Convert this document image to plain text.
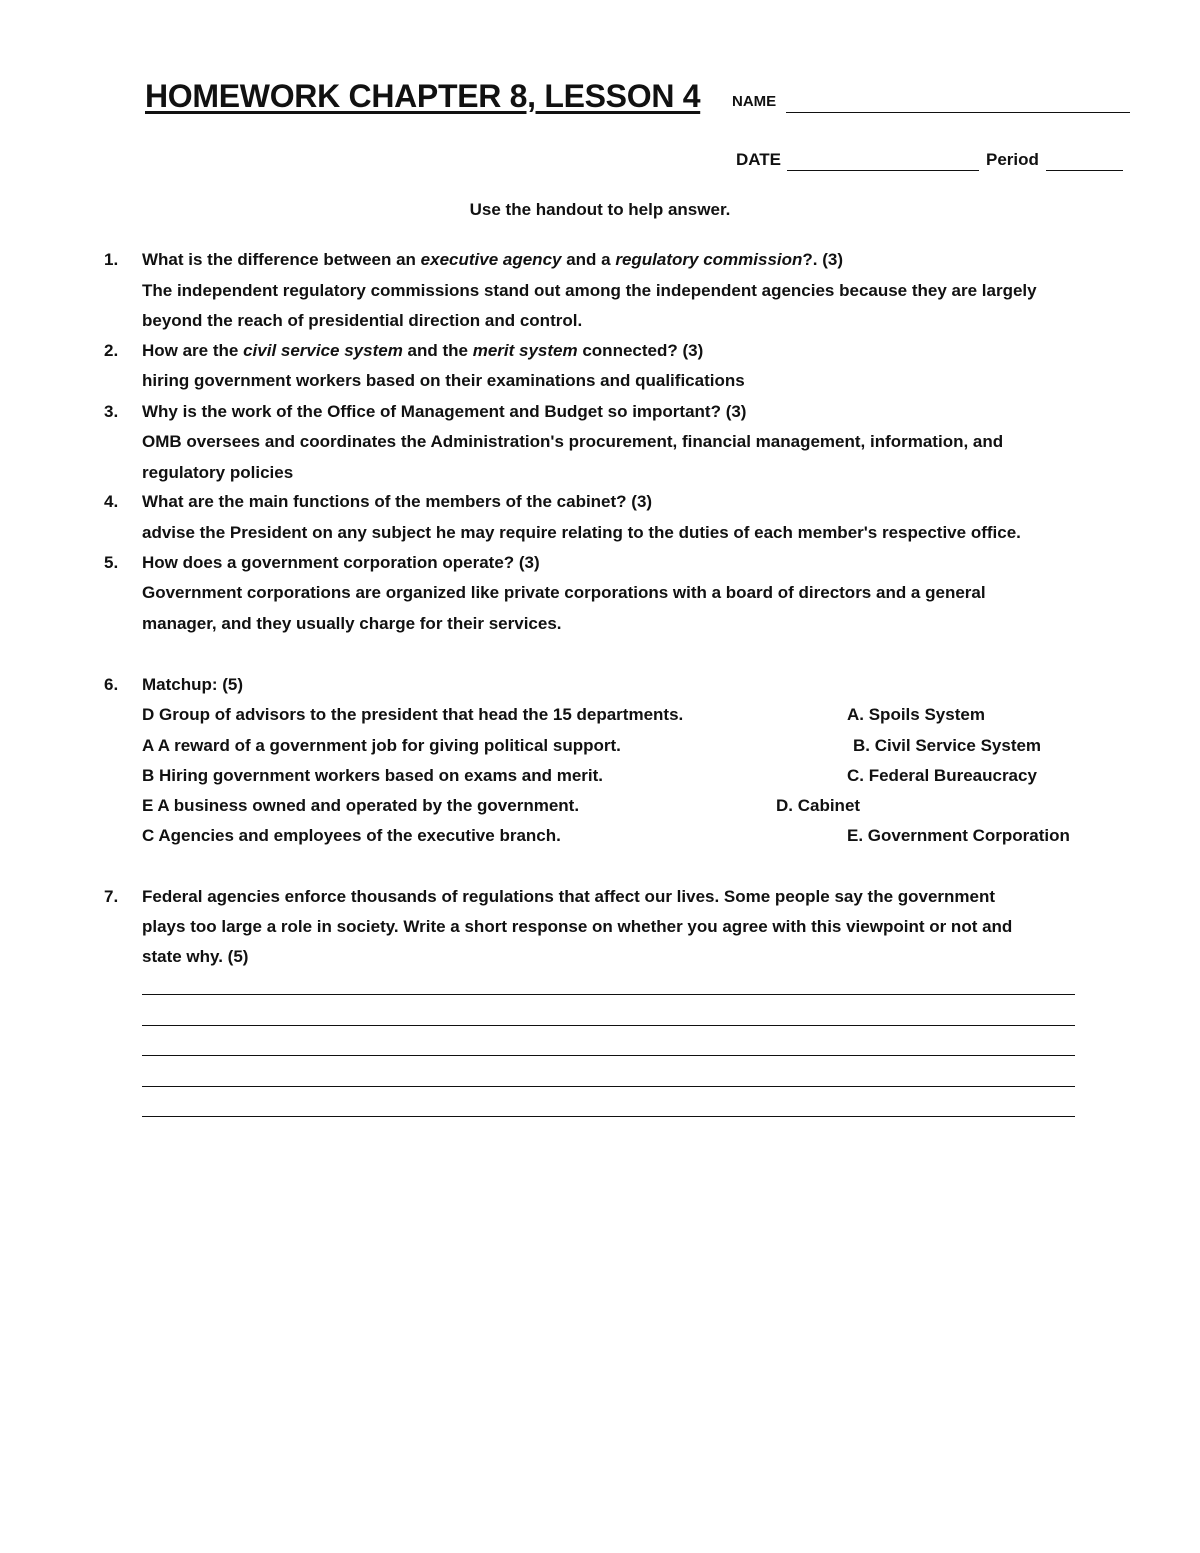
HOMEWORK CHAPTER 8, LESSON 4 NAME
DATE	Period
Use the handout to help answer.
1. What is the difference between an executive agency and a regulatory commission?. (3)
The independent regulatory commissions stand out among the independent agencies because they are largely
beyond the reach of presidential direction and control.
2. How are the civil service system and the merit system connected? (3)
hiring government workers based on their examinations and qualifications
3. Why is the work of the Office of Management and Budget so important? (3)
OMB oversees and coordinates the Administration's procurement, financial management, information, and
regulatory policies
4. What are the main functions of the members of the cabinet? (3)
advise the President on any subject he may require relating to the duties of each member's respective office.
5. How does a government corporation operate? (3)
Government corporations are organized like private corporations with a board of directors and a general
manager, and they usually charge for their services.
6. Matchup: (5)
D Group of advisors to the president that head the 15 departments.	A. Spoils System
A A reward of a government job for giving political support.	B. Civil Service System
B Hiring government workers based on exams and merit.	C. Federal Bureaucracy
E A business owned and operated by the government.	D. Cabinet
C Agencies and employees of the executive branch.	E. Government Corporation
7. Federal agencies enforce thousands of regulations that affect our lives. Some people say the government
plays too large a role in society. Write a short response on whether you agree with this viewpoint or not and
state why. (5)
